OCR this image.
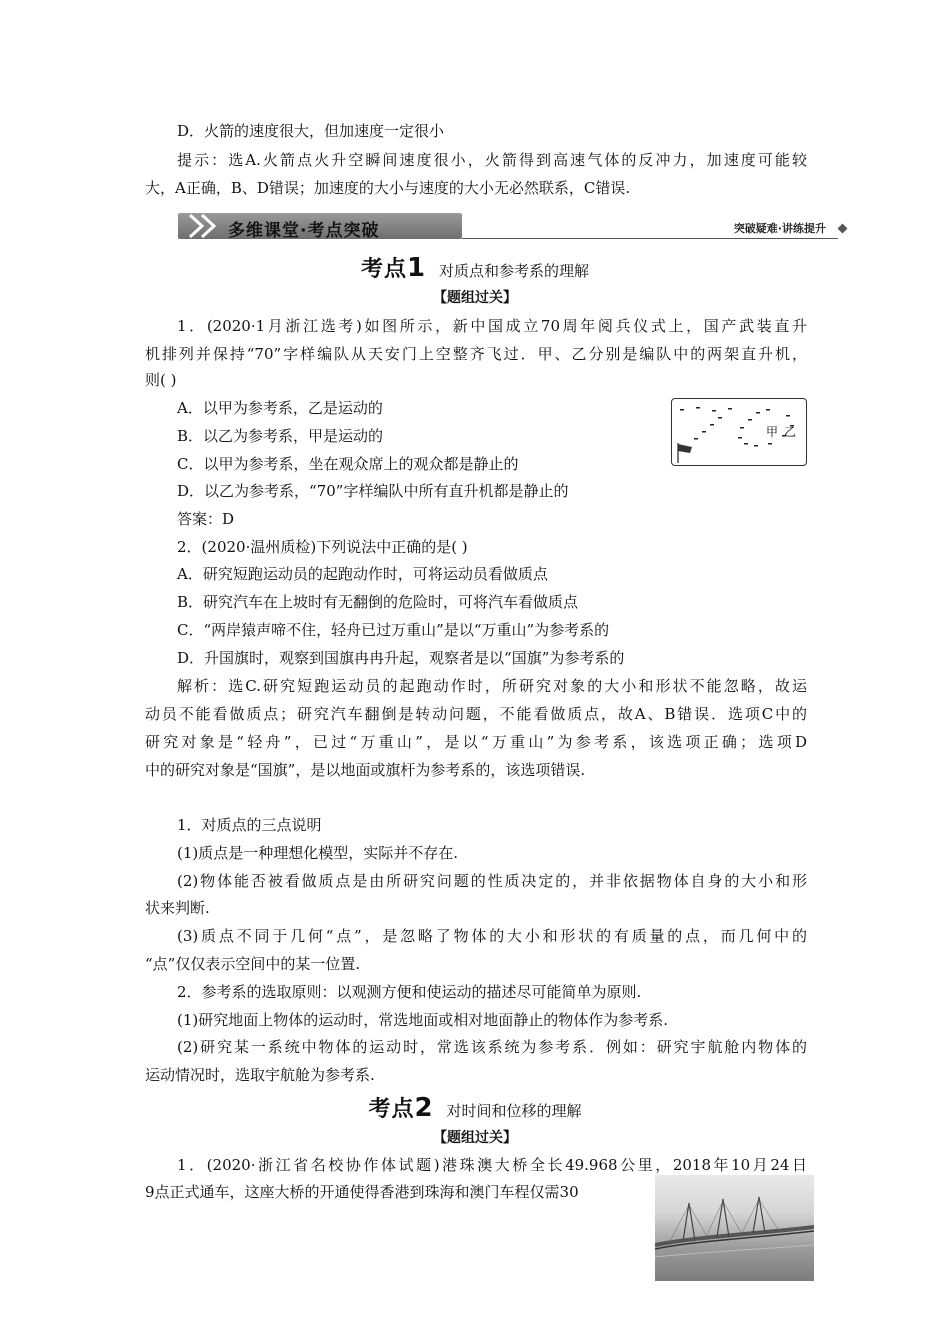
D．火箭的速度很大，但加速度一定很小
提示：选A.火箭点火升空瞬间速度很小，火箭得到高速气体的反冲力，加速度可能较
大，A正确，B、D错误；加速度的大小与速度的大小无必然联系，C错误.
多维课堂·考点突破	突破疑难·讲练提升
考点1 对质点和参考系的理解
【题组过关】
1．(2020·1月浙江选考)如图所示，新中国成立70周年阅兵仪式上，国产武装直升
机排列并保持“70”字样编队从天安门上空整齐飞过．甲、乙分别是编队中的两架直升机，
则( )
A．以甲为参考系，乙是运动的
B．以乙为参考系，甲是运动的
C．以甲为参考系，坐在观众席上的观众都是静止的
D．以乙为参考系，“70”字样编队中所有直升机都是静止的
答案：D
甲 乙
2．(2020·温州质检)下列说法中正确的是( )
A．研究短跑运动员的起跑动作时，可将运动员看做质点
B．研究汽车在上坡时有无翻倒的危险时，可将汽车看做质点
C．“两岸猿声啼不住，轻舟已过万重山”是以“万重山”为参考系的
D．升国旗时，观察到国旗冉冉升起，观察者是以“国旗”为参考系的
解析：选C.研究短跑运动员的起跑动作时，所研究对象的大小和形状不能忽略，故运
动员不能看做质点；研究汽车翻倒是转动问题，不能看做质点，故A、B错误．选项C中的
研究对象是“轻舟”，已过“万重山”，是以“万重山”为参考系，该选项正确；选项D
中的研究对象是“国旗”，是以地面或旗杆为参考系的，该选项错误.
1．对质点的三点说明
(1)质点是一种理想化模型，实际并不存在.
(2)物体能否被看做质点是由所研究问题的性质决定的，并非依据物体自身的大小和形
状来判断.
(3)质点不同于几何“点”，是忽略了物体的大小和形状的有质量的点，而几何中的
“点”仅仅表示空间中的某一位置.
2．参考系的选取原则：以观测方便和使运动的描述尽可能简单为原则.
(1)研究地面上物体的运动时，常选地面或相对地面静止的物体作为参考系.
(2)研究某一系统中物体的运动时，常选该系统为参考系．例如：研究宇航舱内物体的
运动情况时，选取宇航舱为参考系.
考点2 对时间和位移的理解
【题组过关】
1．(2020·浙江省名校协作体试题)港珠澳大桥全长49.968公里，2018年10月24日
9点正式通车，这座大桥的开通使得香港到珠海和澳门车程仅需30
